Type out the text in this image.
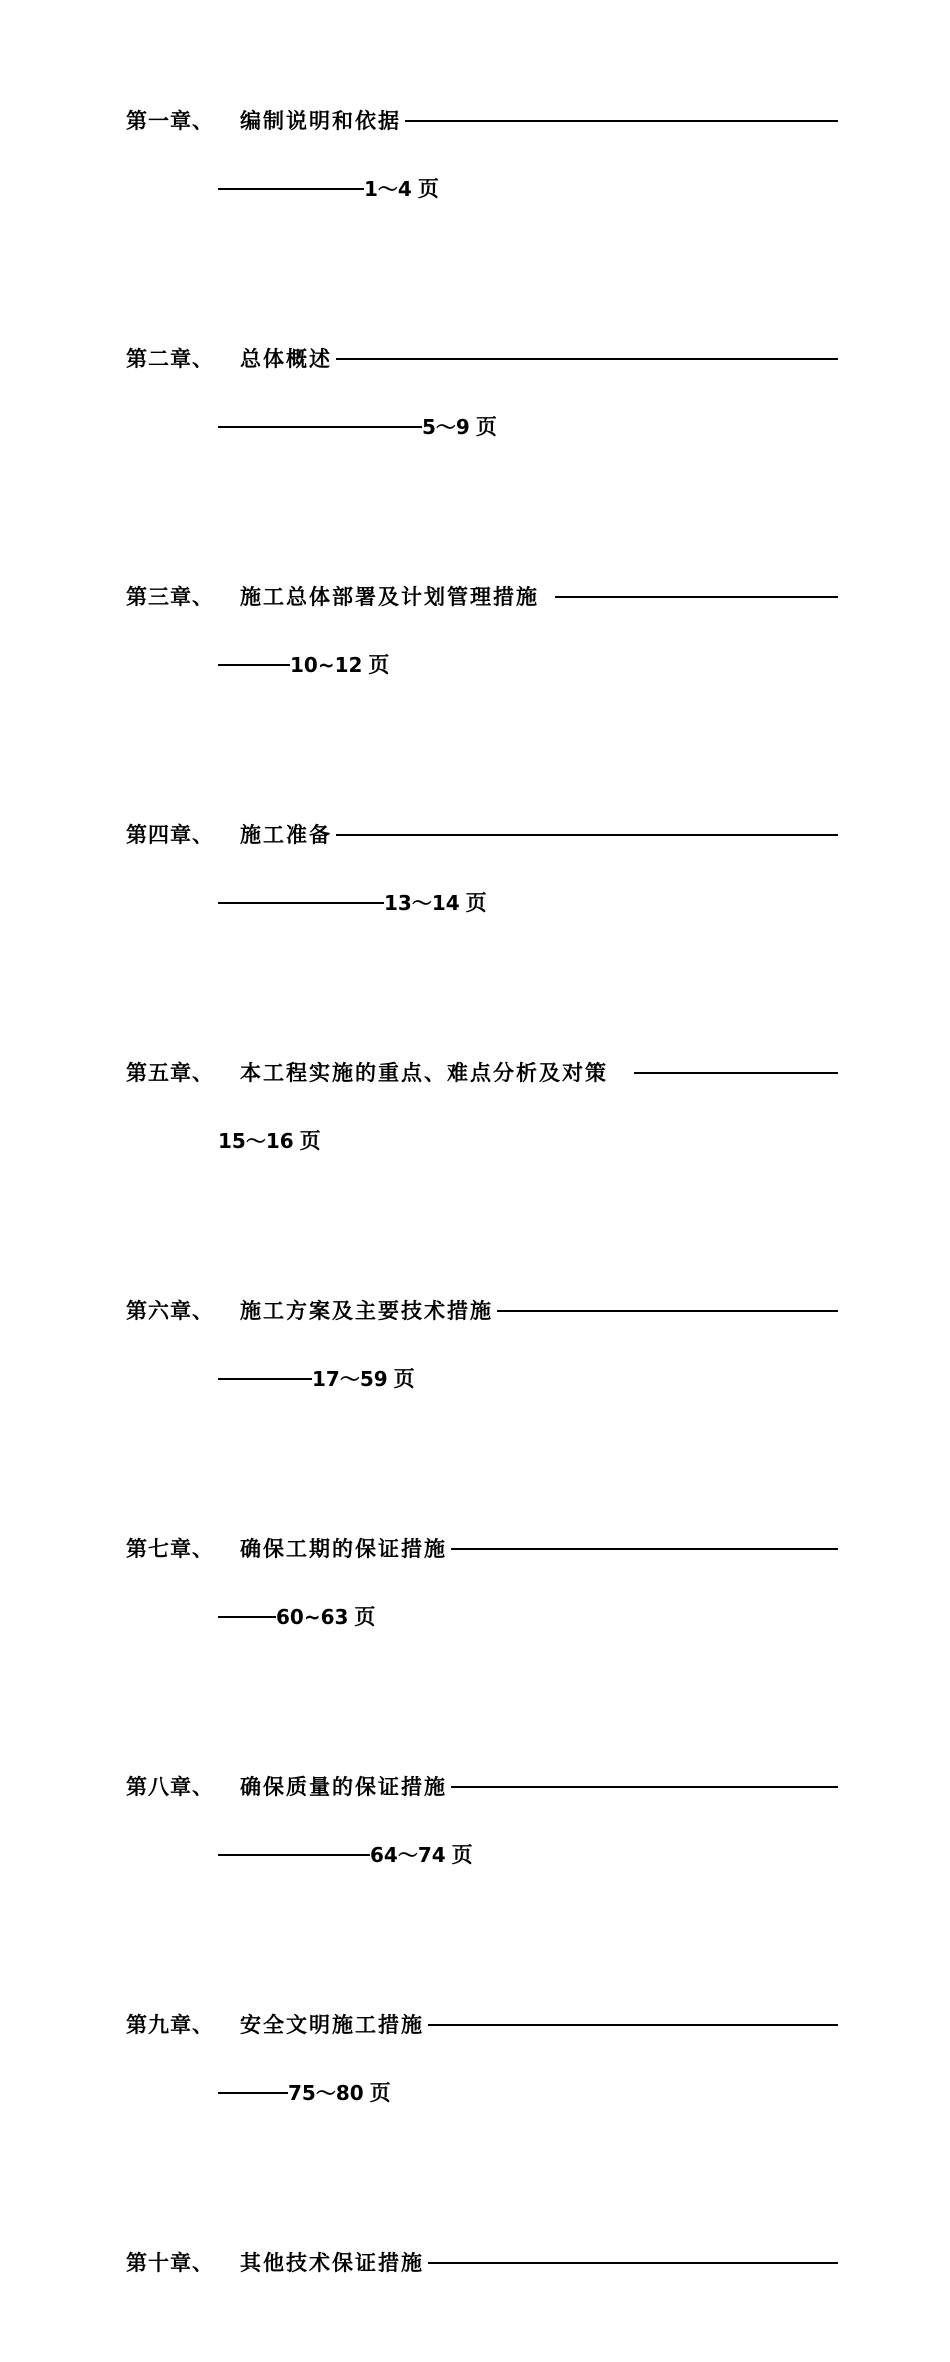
第一章、 编制说明和依据
1～4 页
第二章、 总体概述
5～9 页
第三章、 施工总体部署及计划管理措施
10~12 页
第四章、 施工准备
13～14 页
第五章、 本工程实施的重点、难点分析及对策
15～16 页
第六章、 施工方案及主要技术措施
17～59 页
第七章、 确保工期的保证措施
60~63 页
第八章、 确保质量的保证措施
64～74 页
第九章、 安全文明施工措施
75～80 页
第十章、 其他技术保证措施
